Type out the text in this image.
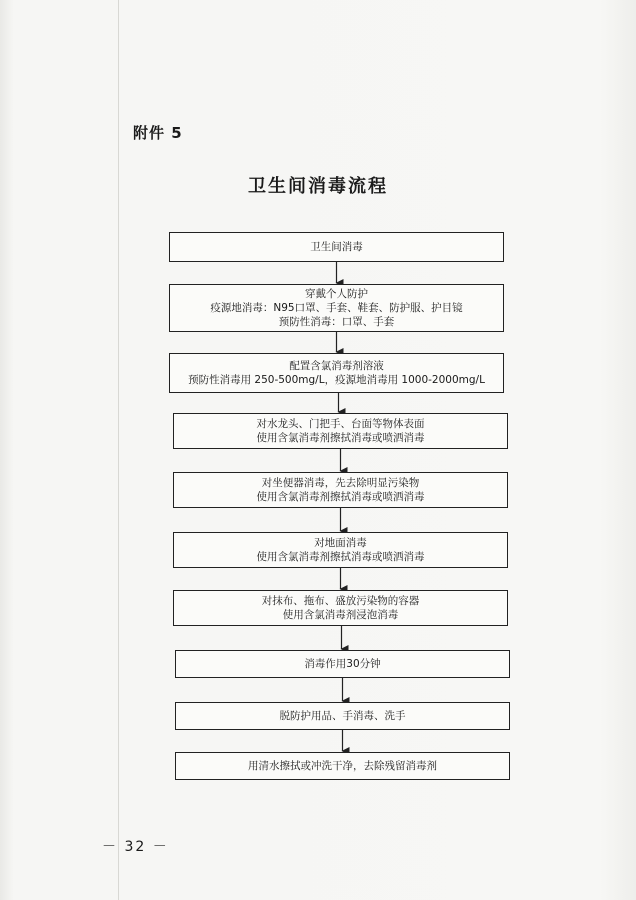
附件 5
卫生间消毒流程
卫生间消毒
穿戴个人防护
疫源地消毒：N95口罩、手套、鞋套、防护服、护目镜
预防性消毒：口罩、手套
配置含氯消毒剂溶液
预防性消毒用 250-500mg/L，疫源地消毒用 1000-2000mg/L
对水龙头、门把手、台面等物体表面
使用含氯消毒剂擦拭消毒或喷洒消毒
对坐便器消毒，先去除明显污染物
使用含氯消毒剂擦拭消毒或喷洒消毒
对地面消毒
使用含氯消毒剂擦拭消毒或喷洒消毒
对抹布、拖布、盛放污染物的容器
使用含氯消毒剂浸泡消毒
消毒作用30分钟
脱防护用品、手消毒、洗手
用清水擦拭或冲洗干净，去除残留消毒剂
－ 32 －
